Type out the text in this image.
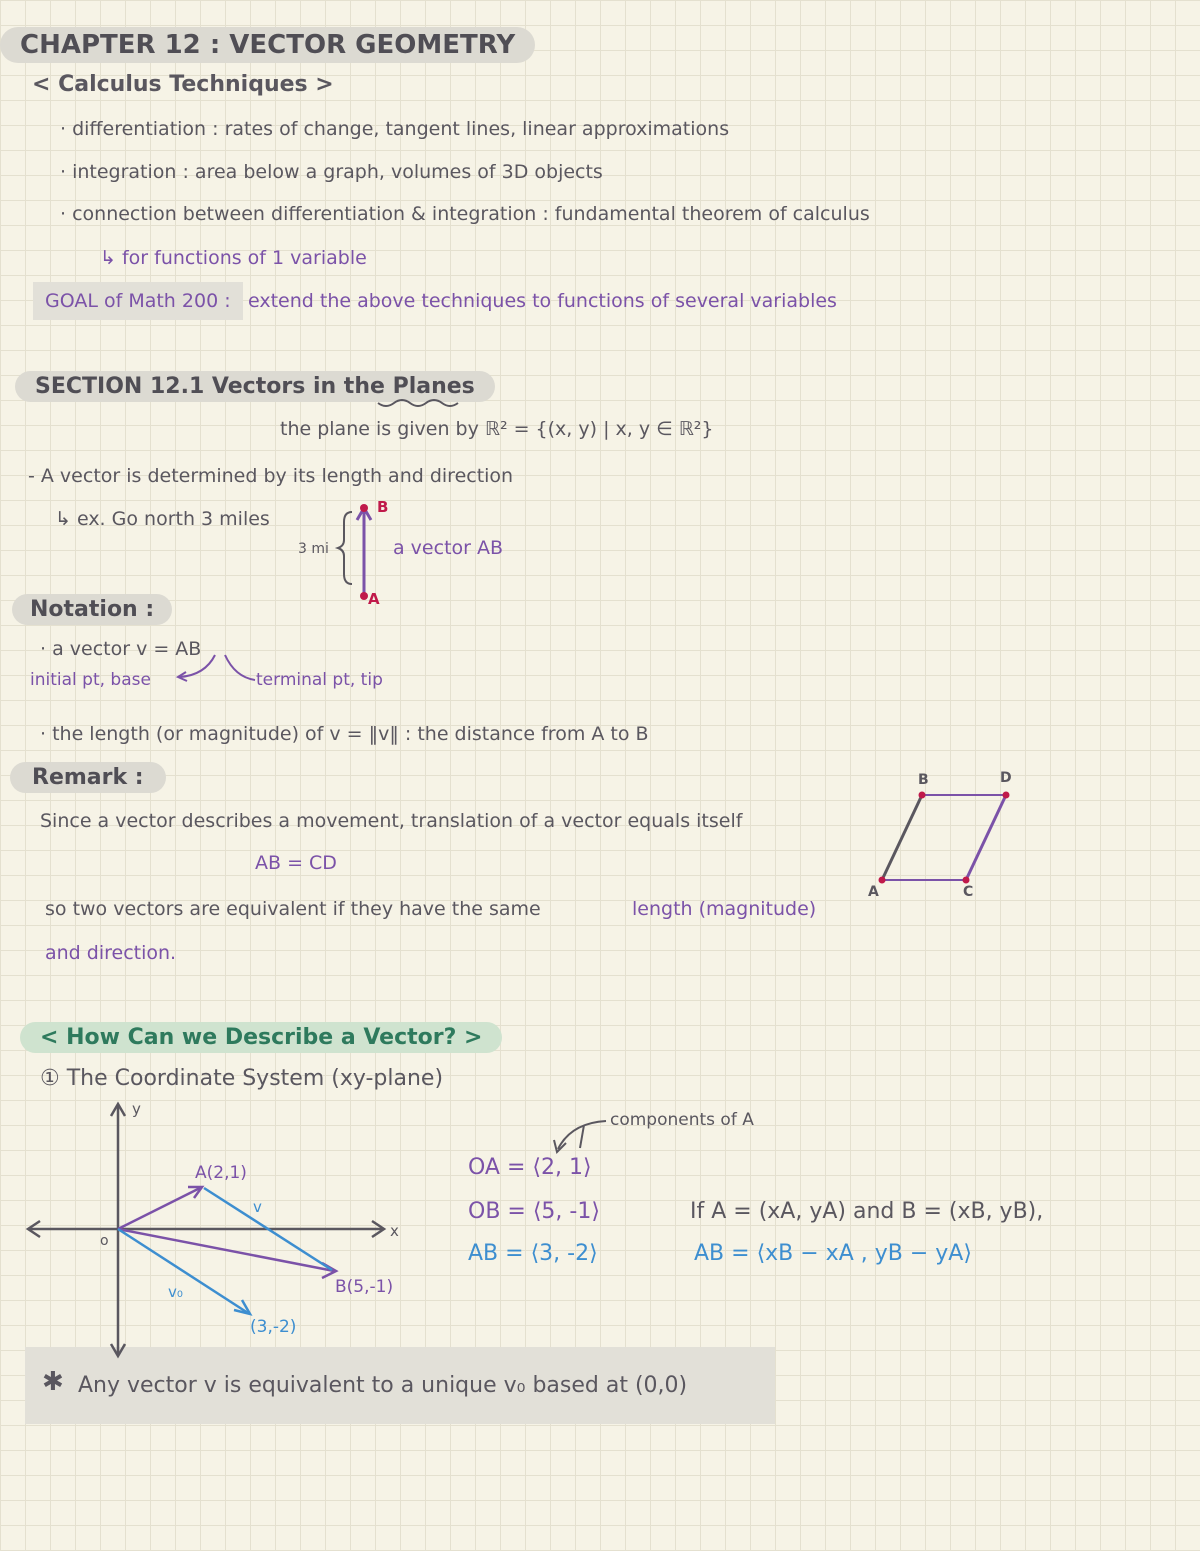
CHAPTER 12 : VECTOR GEOMETRY
< Calculus Techniques >
· differentiation : rates of change, tangent lines, linear approximations
· integration : area below a graph, volumes of 3D objects
· connection between differentiation & integration : fundamental theorem of calculus
↳ for functions of 1 variable
GOAL of Math 200 : extend the above techniques to functions of several variables
SECTION 12.1 Vectors in the Planes
the plane is given by ℝ² = {(x, y) | x, y ∈ ℝ²}
- A vector is determined by its length and direction
↳ ex. Go north 3 miles
3 mi	a vector AB
B
A
Notation :
· a vector v = AB
initial pt, base	terminal pt, tip
· the length (or magnitude) of v = ‖v‖ : the distance from A to B
Remark :
Since a vector describes a movement, translation of a vector equals itself
AB = CD
so two vectors are equivalent if they have the same	length (magnitude)
and direction.
A
B
C
D
< How Can we Describe a Vector? >
① The Coordinate System (xy-plane)
y
x
o
A(2,1)
B(5,-1)
(3,-2)
v
v₀
components of A
OA = ⟨2, 1⟩
OB = ⟨5, -1⟩
AB = ⟨3, -2⟩
If A = (xA, yA) and B = (xB, yB),
AB = ⟨xB − xA , yB − yA⟩
✱ Any vector v is equivalent to a unique v₀ based at (0,0)
